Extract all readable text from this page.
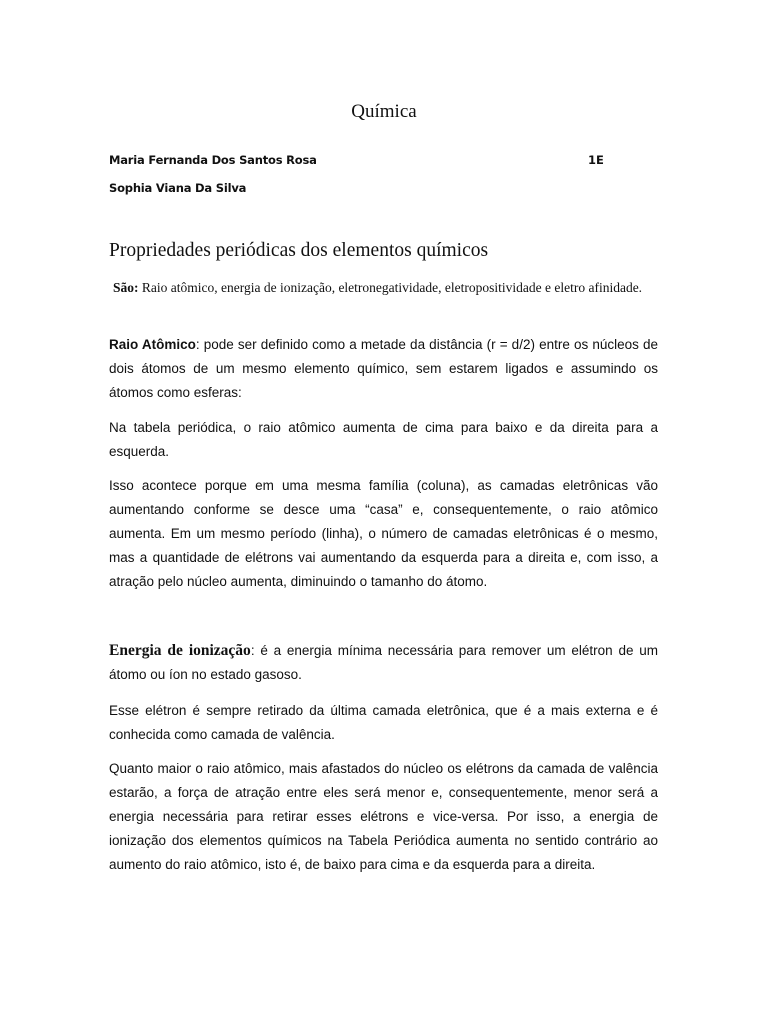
Química

Maria Fernanda Dos Santos Rosa	1E

Sophia Viana Da Silva

Propriedades periódicas dos elementos químicos

São: Raio atômico, energia de ionização, eletronegatividade, eletropositividade e eletro afinidade.

Raio Atômico: pode ser definido como a metade da distância (r = d/2) entre os núcleos de dois átomos de um mesmo elemento químico, sem estarem ligados e assumindo os átomos como esferas:

Na tabela periódica, o raio atômico aumenta de cima para baixo e da direita para a esquerda.

Isso acontece porque em uma mesma família (coluna), as camadas eletrônicas vão aumentando conforme se desce uma “casa” e, consequentemente, o raio atômico aumenta. Em um mesmo período (linha), o número de camadas eletrônicas é o mesmo, mas a quantidade de elétrons vai aumentando da esquerda para a direita e, com isso, a atração pelo núcleo aumenta, diminuindo o tamanho do átomo.

Energia de ionização: é a energia mínima necessária para remover um elétron de um átomo ou íon no estado gasoso.

Esse elétron é sempre retirado da última camada eletrônica, que é a mais externa e é conhecida como camada de valência.

Quanto maior o raio atômico, mais afastados do núcleo os elétrons da camada de valência estarão, a força de atração entre eles será menor e, consequentemente, menor será a energia necessária para retirar esses elétrons e vice-versa. Por isso, a energia de ionização dos elementos químicos na Tabela Periódica aumenta no sentido contrário ao aumento do raio atômico, isto é, de baixo para cima e da esquerda para a direita.
